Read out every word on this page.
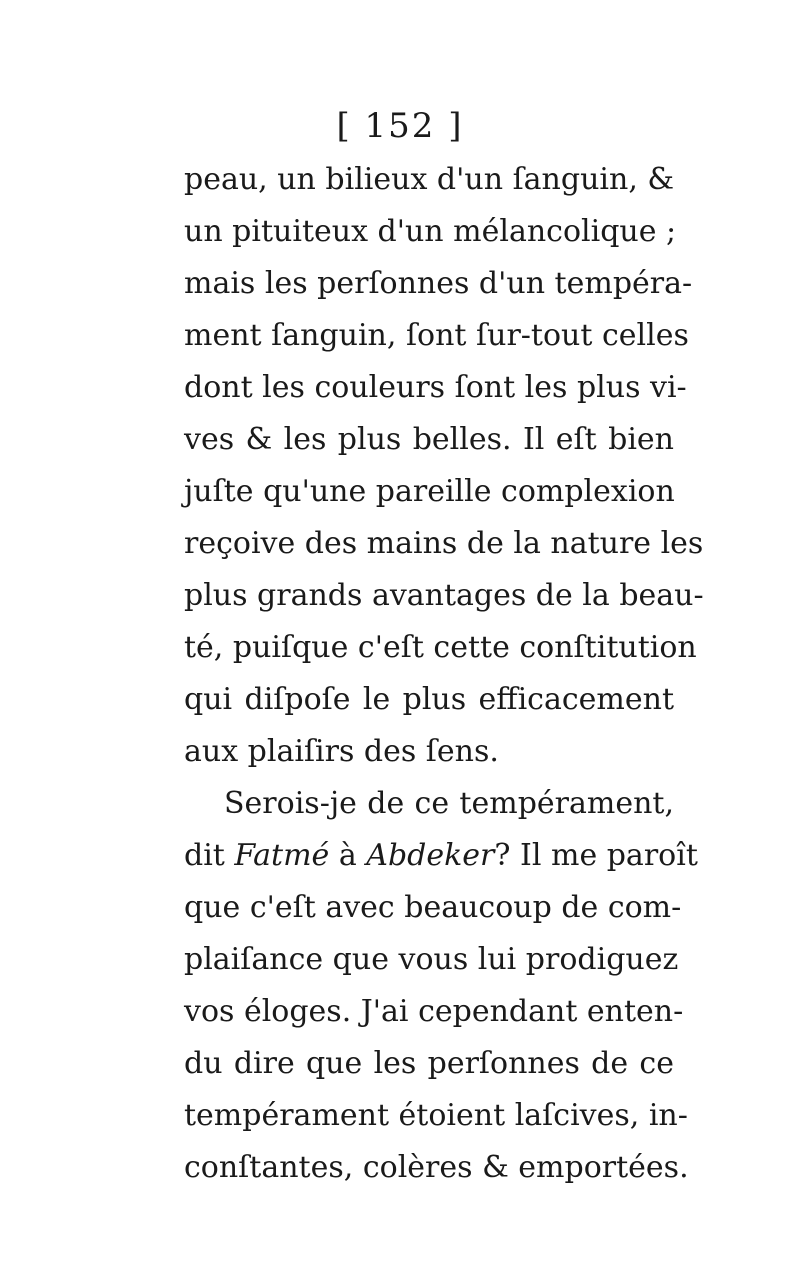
[ 152 ]
peau, un bilieux d'un ſanguin, &
un pituiteux d'un mélancolique ;
mais les perſonnes d'un tempéra-
ment ſanguin, ſont ſur-tout celles
dont les couleurs ſont les plus vi-
ves & les plus belles. Il eſt bien
juſte qu'une pareille complexion
reçoive des mains de la nature les
plus grands avantages de la beau-
té, puiſque c'eſt cette conſtitution
qui diſpoſe le plus efficacement
aux plaiſirs des ſens.
Serois-je de ce tempérament,
dit Fatmé à Abdeker? Il me paroît
que c'eſt avec beaucoup de com-
plaiſance que vous lui prodiguez
vos éloges. J'ai cependant enten-
du dire que les perſonnes de ce
tempérament étoient laſcives, in-
conſtantes, colères & emportées.
